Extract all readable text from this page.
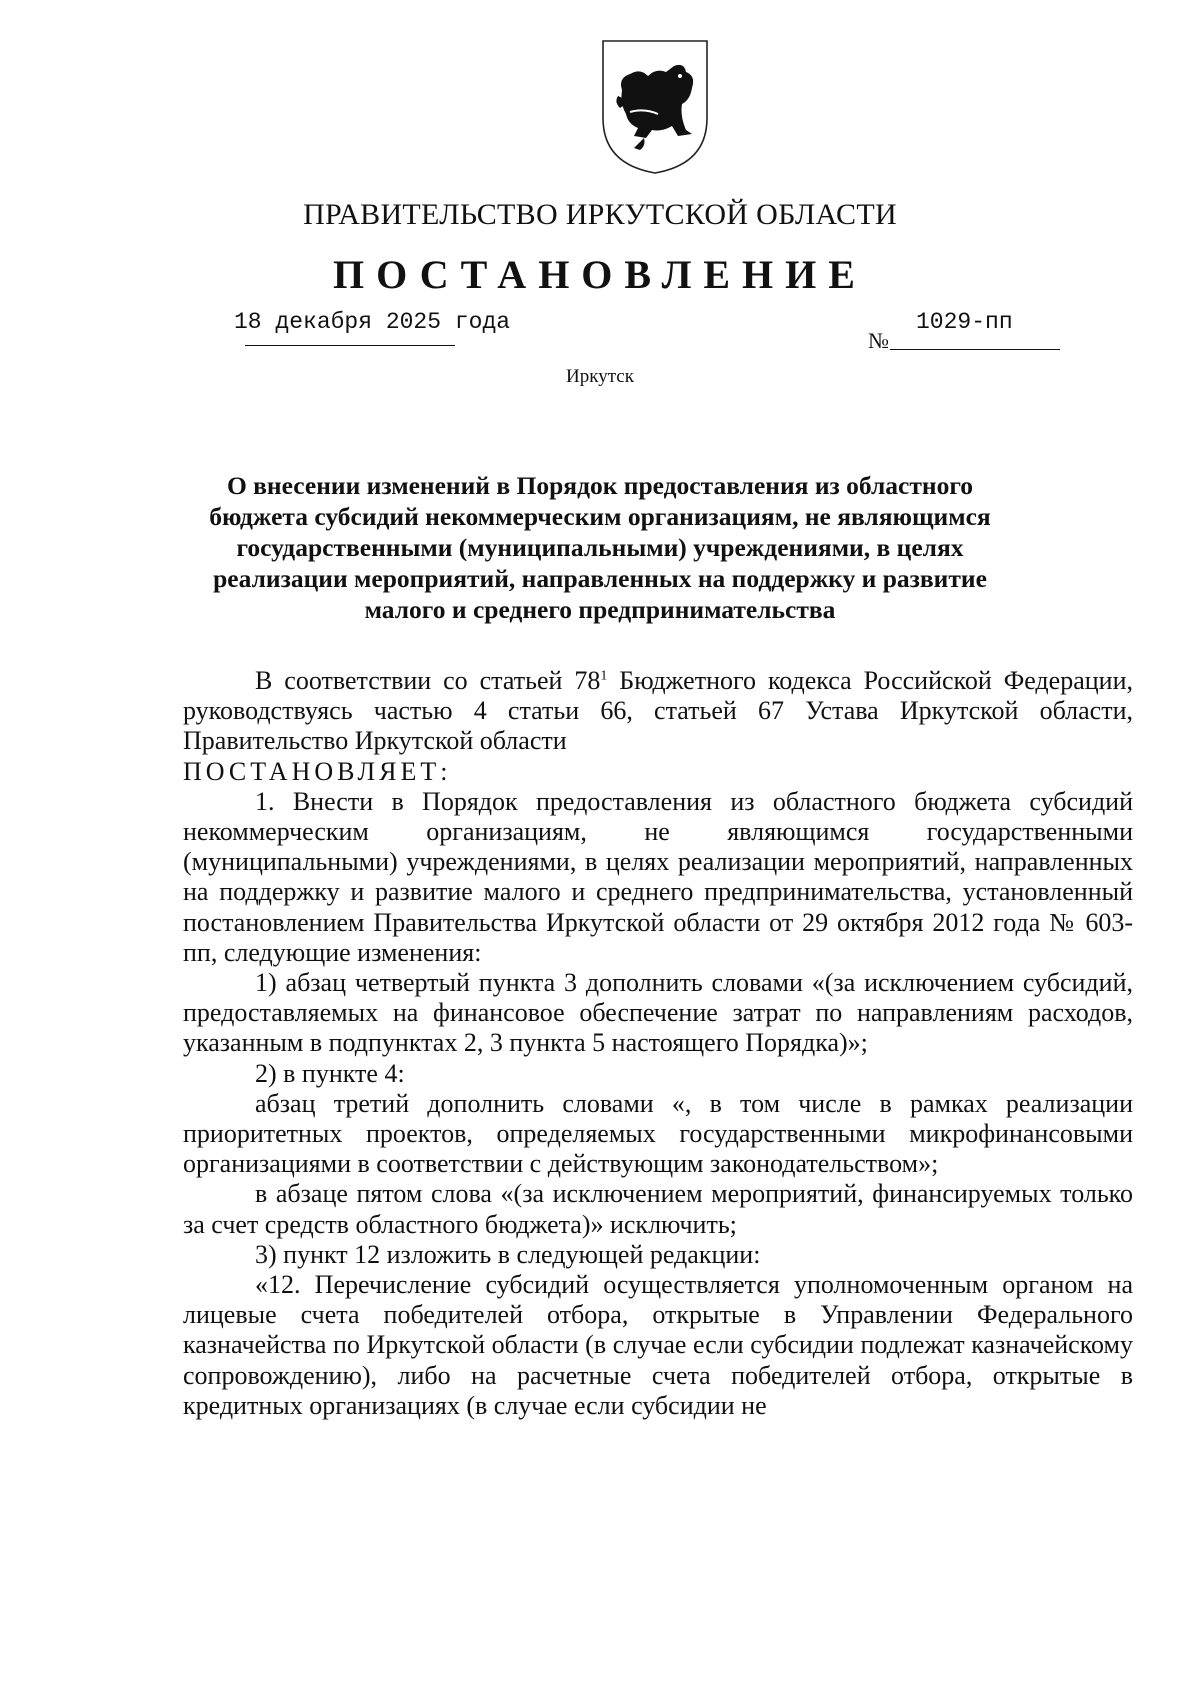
ПРАВИТЕЛЬСТВО ИРКУТСКОЙ ОБЛАСТИ
ПОСТАНОВЛЕНИЕ
18 декабря 2025 года
№
1029-пп
Иркутск
О внесении изменений в Порядок предоставления из областного
бюджета субсидий некоммерческим организациям, не являющимся
государственными (муниципальными) учреждениями, в целях
реализации мероприятий, направленных на поддержку и развитие
малого и среднего предпринимательства

В соответствии со статьей $78^1$ Бюджетного кодекса Российской Федерации, руководствуясь частью 4 статьи 66, статьей 67 Устава Иркутской области, Правительство Иркутской области

ПОСТАНОВЛЯЕТ:

1. Внести в Порядок предоставления из областного бюджета субсидий некоммерческим организациям, не являющимся государственными (муниципальными) учреждениями, в целях реализации мероприятий, направленных на поддержку и развитие малого и среднего предпринимательства, установленный постановлением Правительства Иркутской области от 29 октября 2012 года № 603-пп, следующие изменения:

1) абзац четвертый пункта 3 дополнить словами «(за исключением субсидий, предоставляемых на финансовое обеспечение затрат по направлениям расходов, указанным в подпунктах 2, 3 пункта 5 настоящего Порядка)»;

2) в пункте 4:

абзац третий дополнить словами «, в том числе в рамках реализации приоритетных проектов, определяемых государственными микрофинансовыми организациями в соответствии с действующим законодательством»;

в абзаце пятом слова «(за исключением мероприятий, финансируемых только за счет средств областного бюджета)» исключить;

3) пункт 12 изложить в следующей редакции:

«12. Перечисление субсидий осуществляется уполномоченным органом на лицевые счета победителей отбора, открытые в Управлении Федерального казначейства по Иркутской области (в случае если субсидии подлежат казначейскому сопровождению), либо на расчетные счета победителей отбора, открытые в кредитных организациях (в случае если субсидии не
